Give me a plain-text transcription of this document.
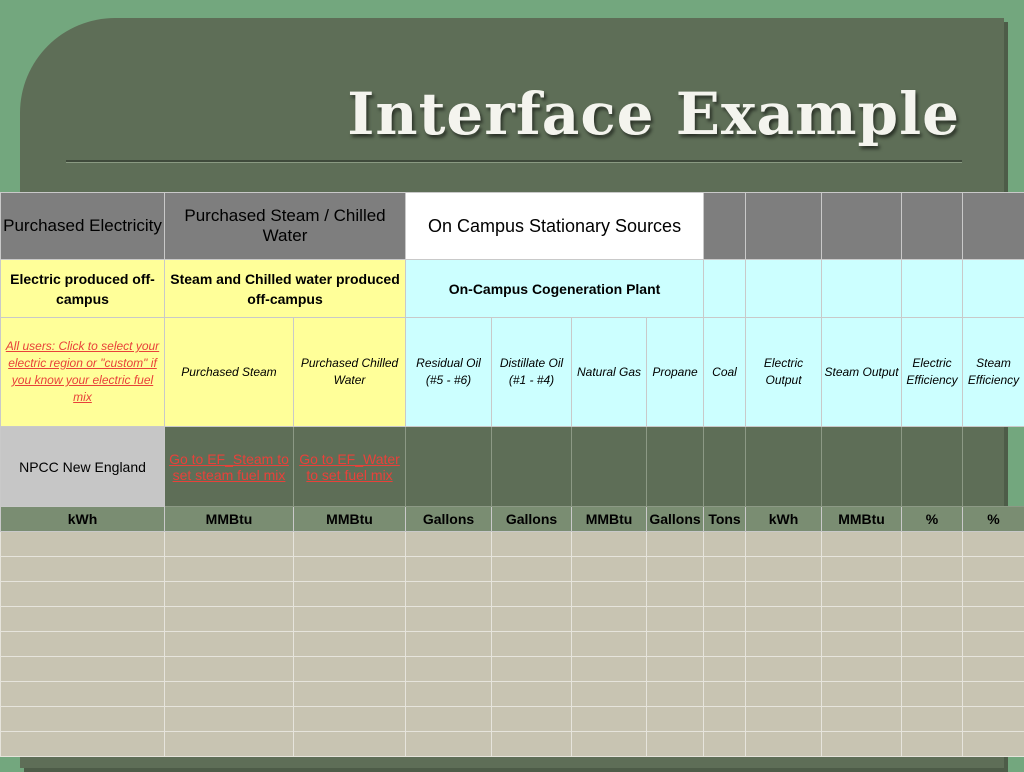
Interface Example
Purchased Electricity	Purchased Steam / Chilled Water		On Campus Stationary Sources								
Electric produced off-campus	Steam and Chilled water produced off-campus		On-Campus Cogeneration Plant								
All users: Click to select your electric region or "custom" if you know your electric fuel mix	Purchased Steam	Purchased Chilled Water	Residual Oil (#5 - #6)	Distillate Oil (#1 - #4)	Natural Gas	Propane	Coal	Electric Output	Steam Output	Electric Efficiency	Steam Efficiency
NPCC New England	Go to EF_Steam to set steam fuel mix	Go to EF_Water to set fuel mix									
kWh	MMBtu	MMBtu	Gallons	Gallons	MMBtu	Gallons	Tons	kWh	MMBtu	%	%
